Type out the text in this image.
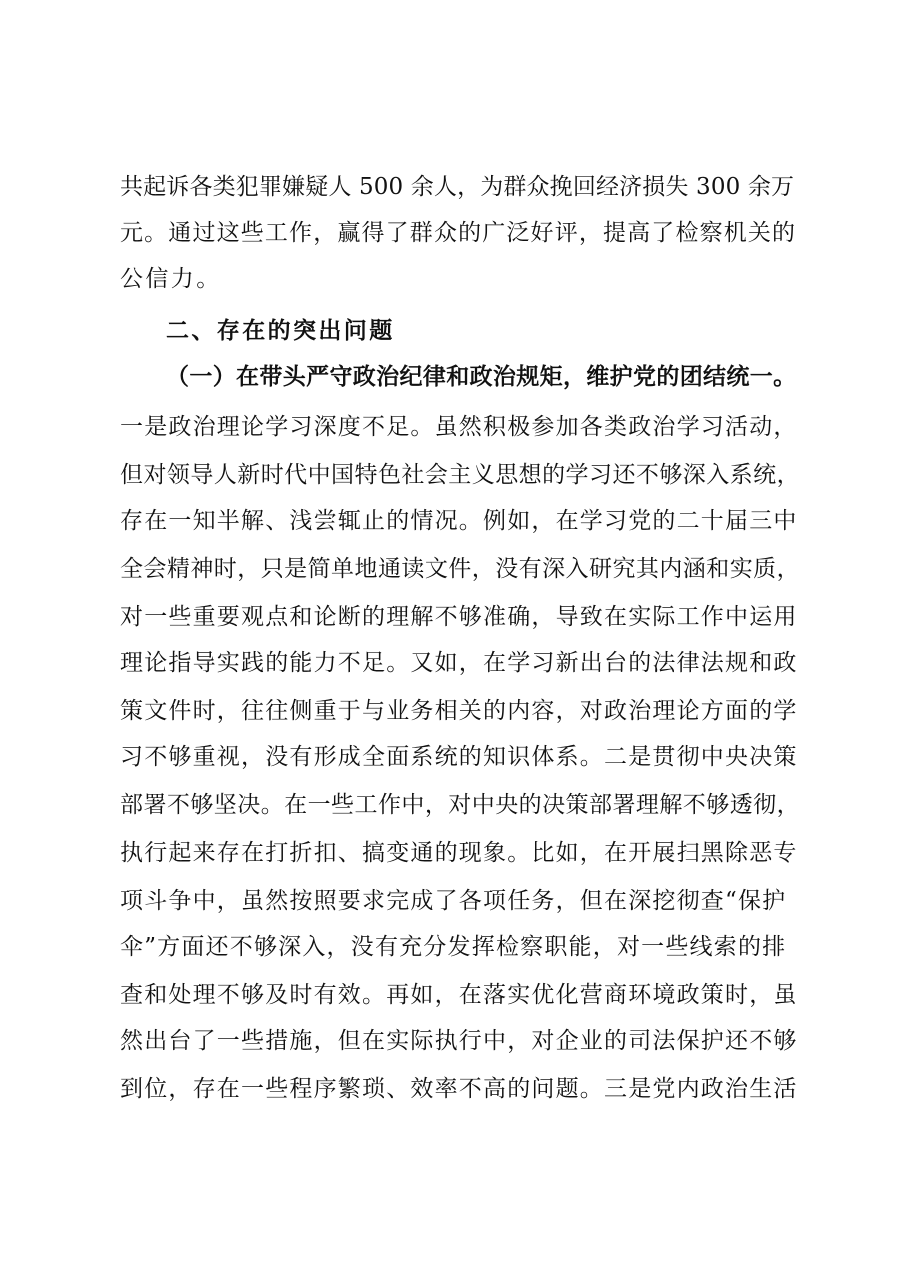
共起诉各类犯罪嫌疑人 500 余人，为群众挽回经济损失 300 余万
元。通过这些工作，赢得了群众的广泛好评，提高了检察机关的
公信力。
二、存在的突出问题
（一）在带头严守政治纪律和政治规矩，维护党的团结统一。
一是政治理论学习深度不足。虽然积极参加各类政治学习活动，
但对领导人新时代中国特色社会主义思想的学习还不够深入系统，
存在一知半解、浅尝辄止的情况。例如，在学习党的二十届三中
全会精神时，只是简单地通读文件，没有深入研究其内涵和实质，
对一些重要观点和论断的理解不够准确，导致在实际工作中运用
理论指导实践的能力不足。又如，在学习新出台的法律法规和政
策文件时，往往侧重于与业务相关的内容，对政治理论方面的学
习不够重视，没有形成全面系统的知识体系。二是贯彻中央决策
部署不够坚决。在一些工作中，对中央的决策部署理解不够透彻，
执行起来存在打折扣、搞变通的现象。比如，在开展扫黑除恶专
项斗争中，虽然按照要求完成了各项任务，但在深挖彻查“保护
伞”方面还不够深入，没有充分发挥检察职能，对一些线索的排
查和处理不够及时有效。再如，在落实优化营商环境政策时，虽
然出台了一些措施，但在实际执行中，对企业的司法保护还不够
到位，存在一些程序繁琐、效率不高的问题。三是党内政治生活
